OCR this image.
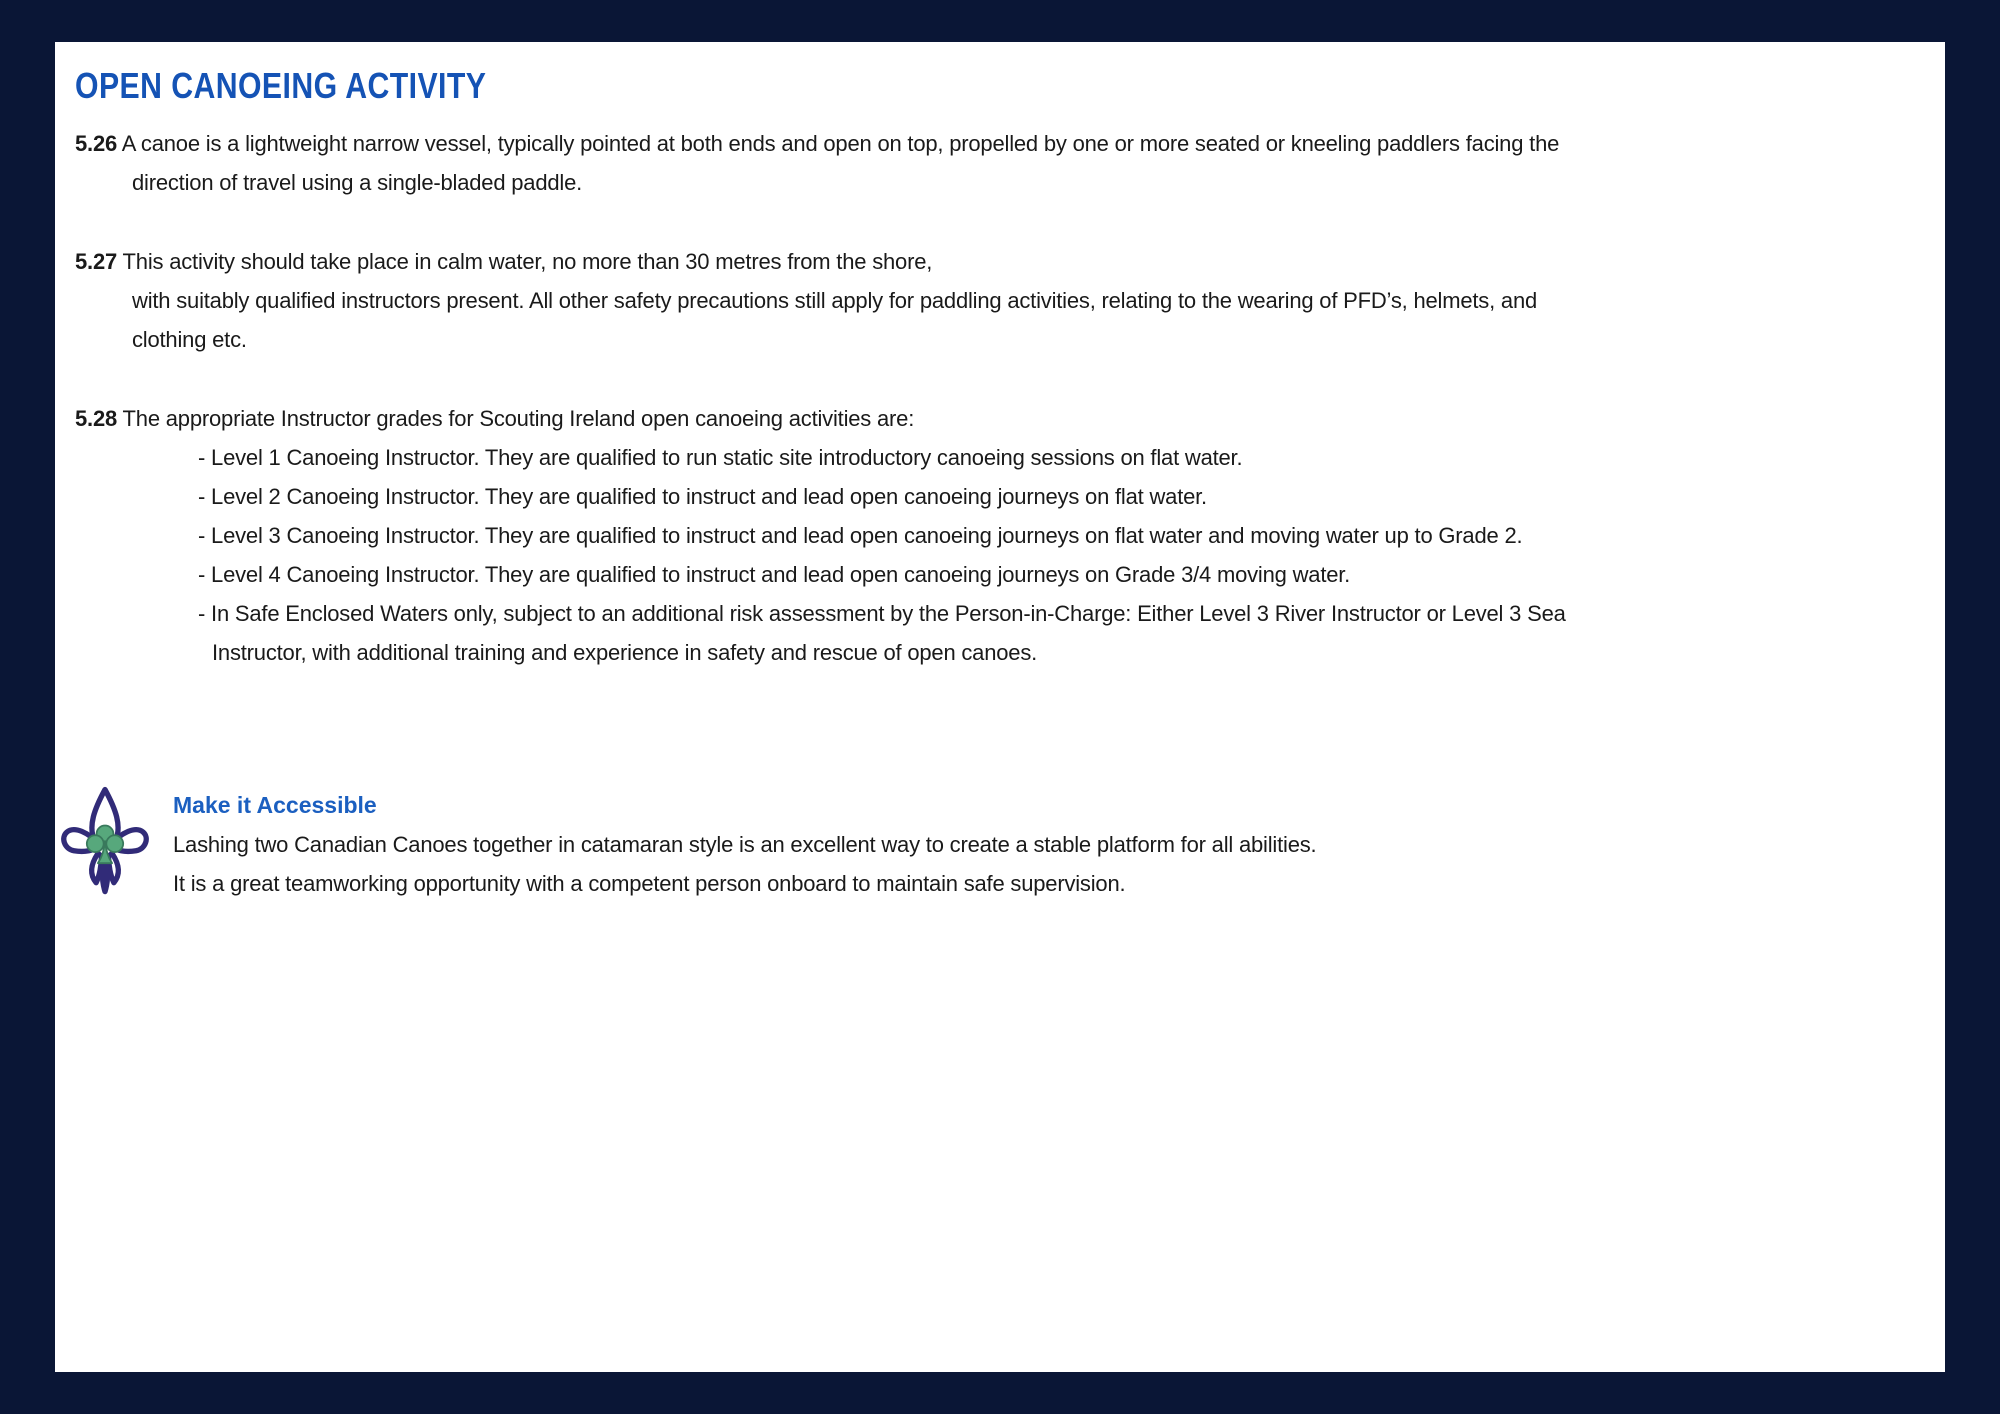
OPEN CANOEING ACTIVITY
5.26 A canoe is a lightweight narrow vessel, typically pointed at both ends and open on top, propelled by one or more seated or kneeling paddlers facing the
direction of travel using a single-bladed paddle.
5.27 This activity should take place in calm water, no more than 30 metres from the shore,
with suitably qualified instructors present. All other safety precautions still apply for paddling activities, relating to the wearing of PFD’s, helmets, and
clothing etc.
5.28 The appropriate Instructor grades for Scouting Ireland open canoeing activities are:
- Level 1 Canoeing Instructor. They are qualified to run static site introductory canoeing sessions on flat water.
- Level 2 Canoeing Instructor. They are qualified to instruct and lead open canoeing journeys on flat water.
- Level 3 Canoeing Instructor. They are qualified to instruct and lead open canoeing journeys on flat water and moving water up to Grade 2.
- Level 4 Canoeing Instructor. They are qualified to instruct and lead open canoeing journeys on Grade 3/4 moving water.
- In Safe Enclosed Waters only, subject to an additional risk assessment by the Person-in-Charge: Either Level 3 River Instructor or Level 3 Sea
Instructor, with additional training and experience in safety and rescue of open canoes.
Make it Accessible
Lashing two Canadian Canoes together in catamaran style is an excellent way to create a stable platform for all abilities.
It is a great teamworking opportunity with a competent person onboard to maintain safe supervision.
